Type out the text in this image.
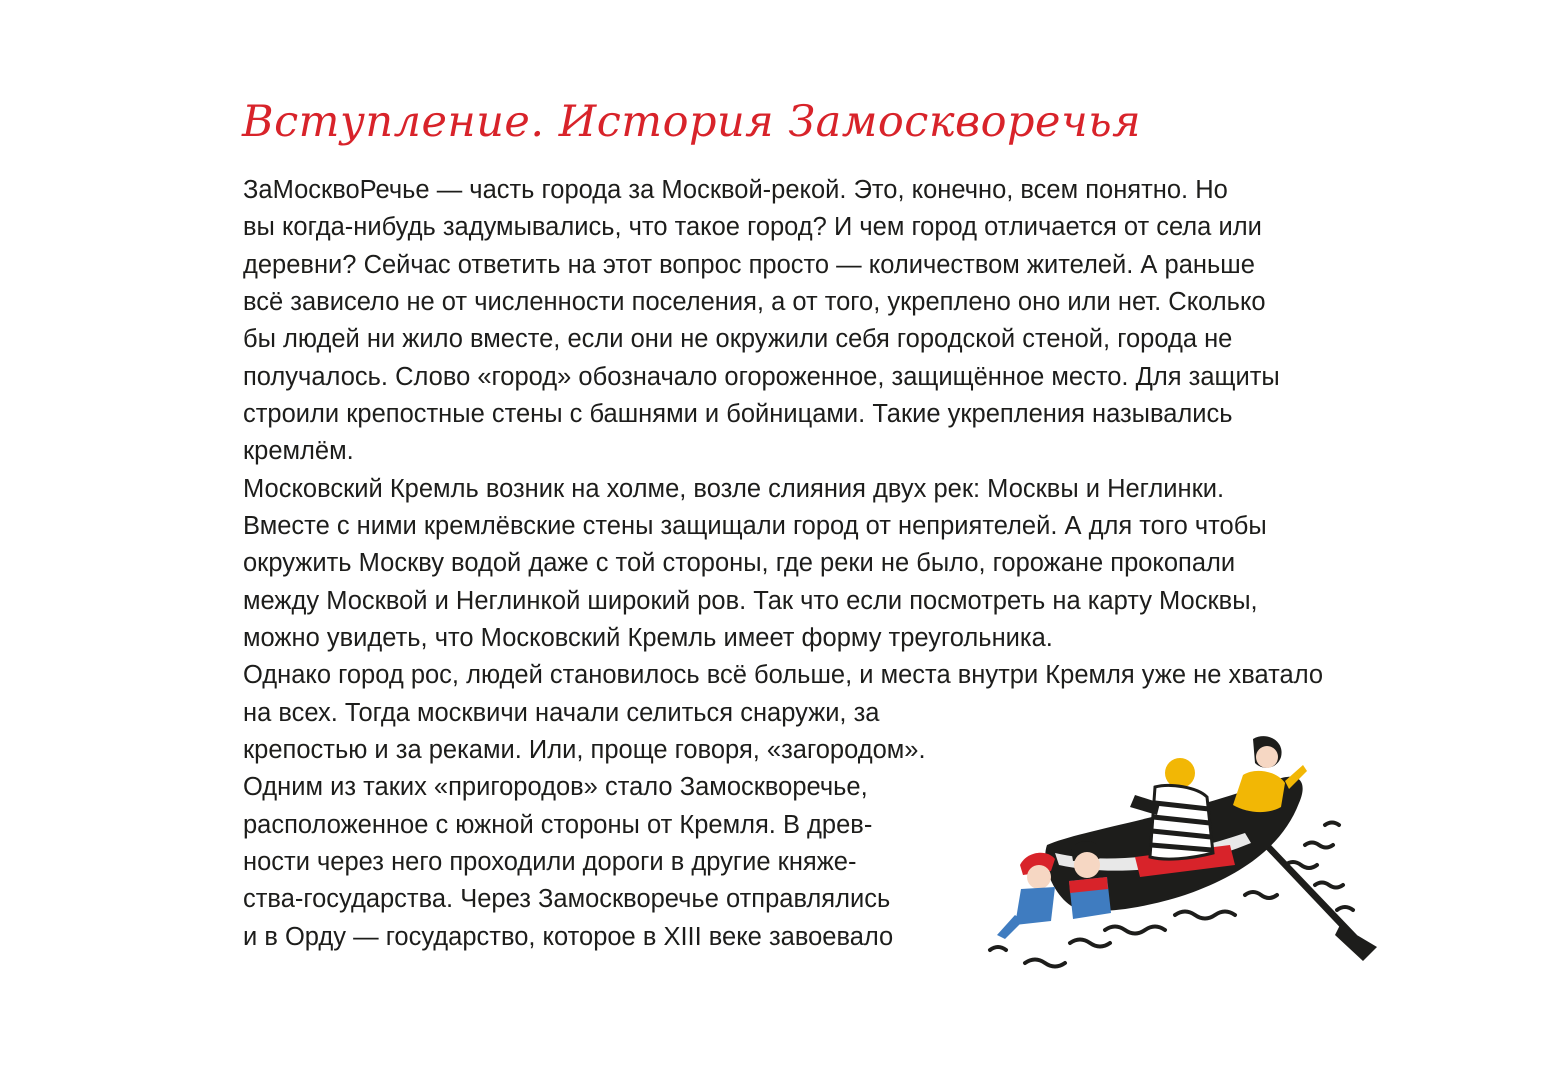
Вступление. История Замоскворечья

ЗаМосквоРечье — часть города за Москвой-рекой. Это, конечно, всем понятно. Но

вы когда-нибудь задумывались, что такое город? И чем город отличается от села или

деревни? Сейчас ответить на этот вопрос просто — количеством жителей. А раньше

всё зависело не от численности поселения, а от того, укреплено оно или нет. Сколько

бы людей ни жило вместе, если они не окружили себя городской стеной, города не

получалось. Слово «город» обозначало огороженное, защищённое место. Для защиты

строили крепостные стены с башнями и бойницами. Такие укрепления назывались

кремлём.

Московский Кремль возник на холме, возле слияния двух рек: Москвы и Неглинки.

Вместе с ними кремлёвские стены защищали город от неприятелей. А для того чтобы

окружить Москву водой даже с той стороны, где реки не было, горожане прокопали

между Москвой и Неглинкой широкий ров. Так что если посмотреть на карту Москвы,

можно увидеть, что Московский Кремль имеет форму треугольника.

Однако город рос, людей становилось всё больше, и места внутри Кремля уже не хватало

на всех. Тогда москвичи начали селиться снаружи, за

крепостью и за реками. Или, проще говоря, «загородом».

Одним из таких «пригородов» стало Замоскворечье,

расположенное с южной стороны от Кремля. В древ-

ности через него проходили дороги в другие княже-

ства-государства. Через Замоскворечье отправлялись

и в Орду — государство, которое в XIII веке завоевало
